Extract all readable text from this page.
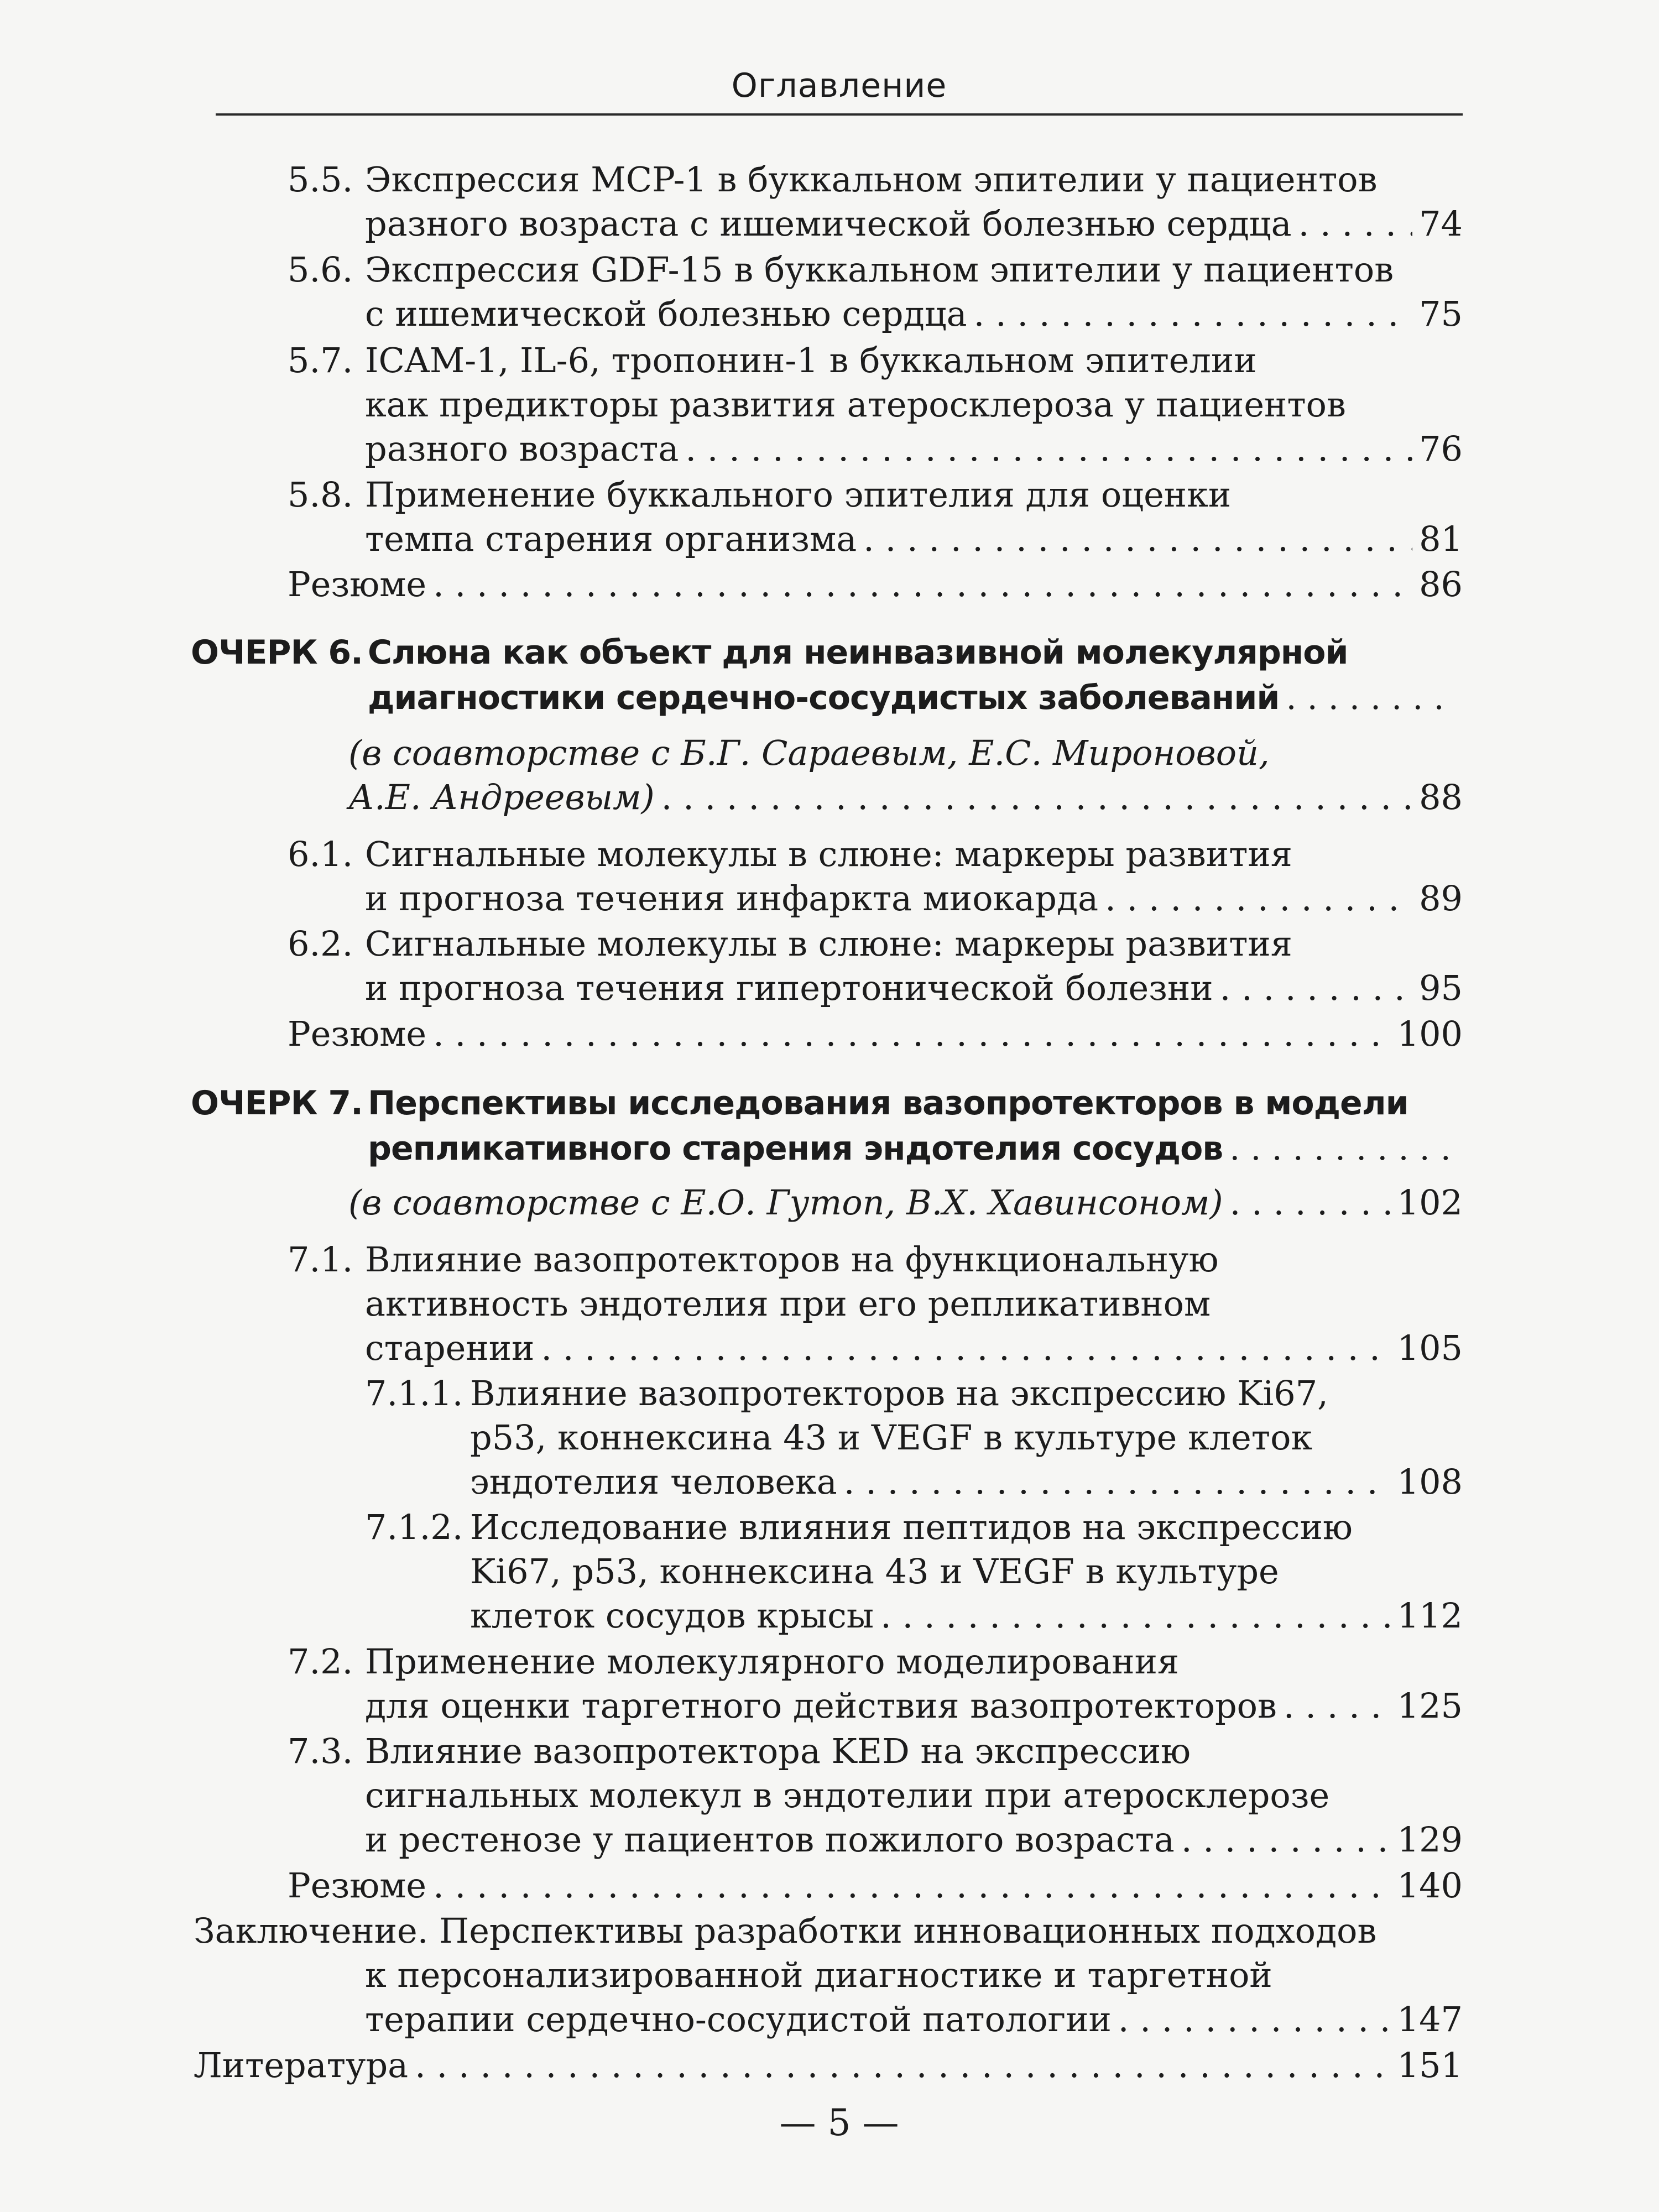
Оглавление
5.5. Экспрессия MCP-1 в буккальном эпителии у пациентов
разного возраста с ишемической болезнью сердца . . .	74
5.6. Экспрессия GDF-15 в буккальном эпителии у пациентов
с ишемической болезнью сердца . . .	75
5.7. ICAM-1, IL-6, тропонин-1 в буккальном эпителии
как предикторы развития атеросклероза у пациентов
разного возраста . . .	76
5.8. Применение буккального эпителия для оценки
темпа старения организма . . .	81
Резюме . . .	86
ОЧЕРК 6. Слюна как объект для неинвазивной молекулярной
диагностики сердечно-сосудистых заболеваний
. . .
(в соавторстве с Б.Г. Сараевым, Е.С. Мироновой,
А.Е. Андреевым) . . .	88
6.1. Сигнальные молекулы в слюне: маркеры развития
и прогноза течения инфаркта миокарда . . .	89
6.2. Сигнальные молекулы в слюне: маркеры развития
и прогноза течения гипертонической болезни . . .	95
Резюме . . .	100
ОЧЕРК 7. Перспективы исследования вазопротекторов в модели
репликативного старения эндотелия сосудов
. . .
(в соавторстве с Е.О. Гутоп, В.Х. Хавинсоном) . . .	102
7.1. Влияние вазопротекторов на функциональную
активность эндотелия при его репликативном
старении . . .	105
7.1.1. Влияние вазопротекторов на экспрессию Ki67,
p53, коннексина 43 и VEGF в культуре клеток
эндотелия человека . . .	108
7.1.2. Исследование влияния пептидов на экспрессию
Ki67, p53, коннексина 43 и VEGF в культуре
клеток сосудов крысы . . .	112
7.2. Применение молекулярного моделирования
для оценки таргетного действия вазопротекторов . . .	125
7.3. Влияние вазопротектора KED на экспрессию
сигнальных молекул в эндотелии при атеросклерозе
и рестенозе у пациентов пожилого возраста . . .	129
Резюме . . .	140
Заключение. Перспективы разработки инновационных подходов
к персонализированной диагностике и таргетной
терапии сердечно-сосудистой патологии . . .	147
Литература . . .	151
— 5 —
